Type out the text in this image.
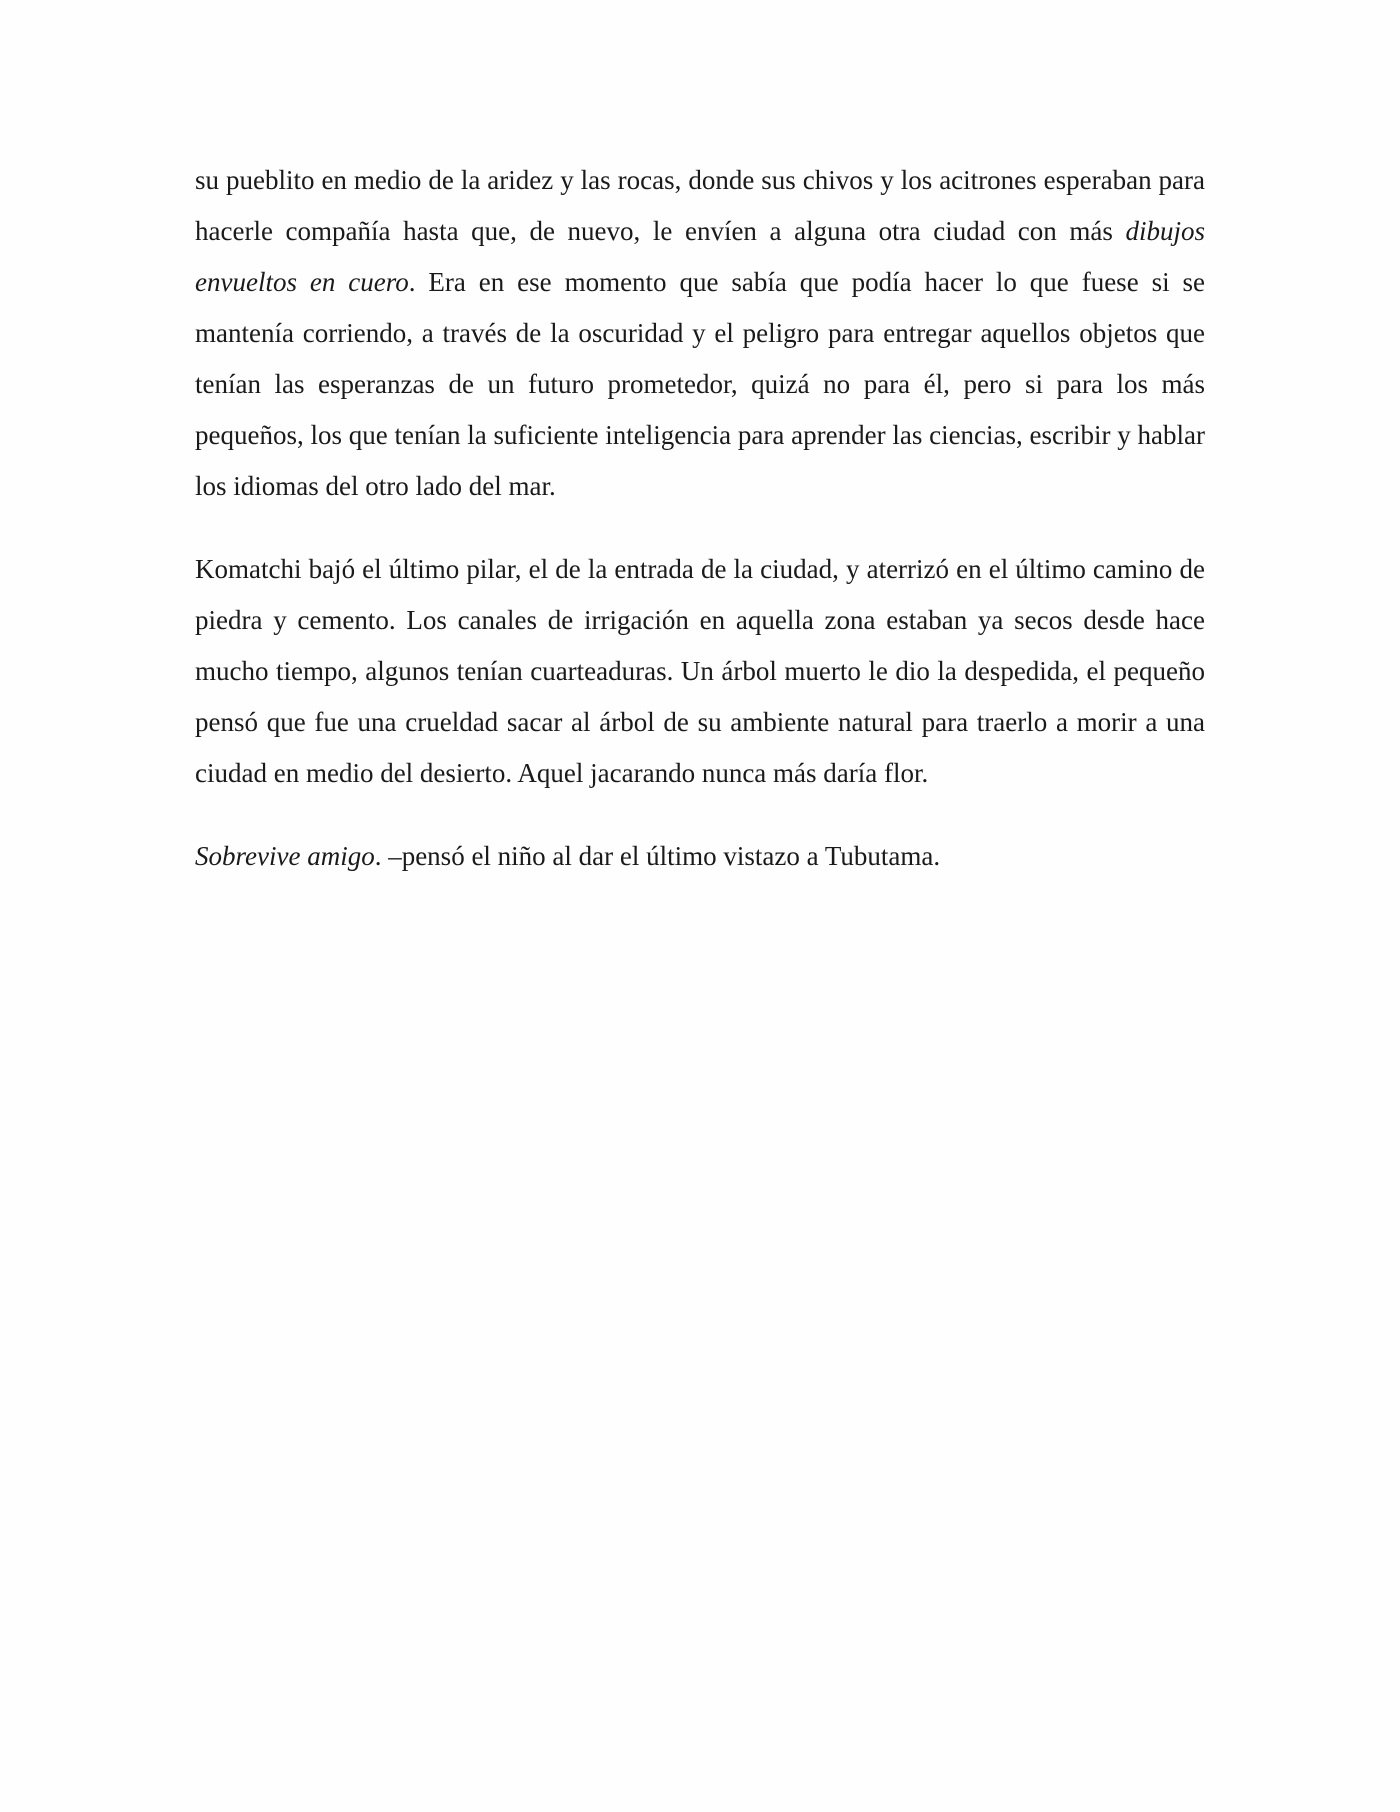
su pueblito en medio de la aridez y las rocas, donde sus chivos y los acitrones esperaban para hacerle compañía hasta que, de nuevo, le envíen a alguna otra ciudad con más dibujos envueltos en cuero. Era en ese momento que sabía que podía hacer lo que fuese si se mantenía corriendo, a través de la oscuridad y el peligro para entregar aquellos objetos que tenían las esperanzas de un futuro prometedor, quizá no para él, pero si para los más pequeños, los que tenían la suficiente inteligencia para aprender las ciencias, escribir y hablar los idiomas del otro lado del mar.

Komatchi bajó el último pilar, el de la entrada de la ciudad, y aterrizó en el último camino de piedra y cemento. Los canales de irrigación en aquella zona estaban ya secos desde hace mucho tiempo, algunos tenían cuarteaduras. Un árbol muerto le dio la despedida, el pequeño pensó que fue una crueldad sacar al árbol de su ambiente natural para traerlo a morir a una ciudad en medio del desierto. Aquel jacarando nunca más daría flor.

Sobrevive amigo. –pensó el niño al dar el último vistazo a Tubutama.
